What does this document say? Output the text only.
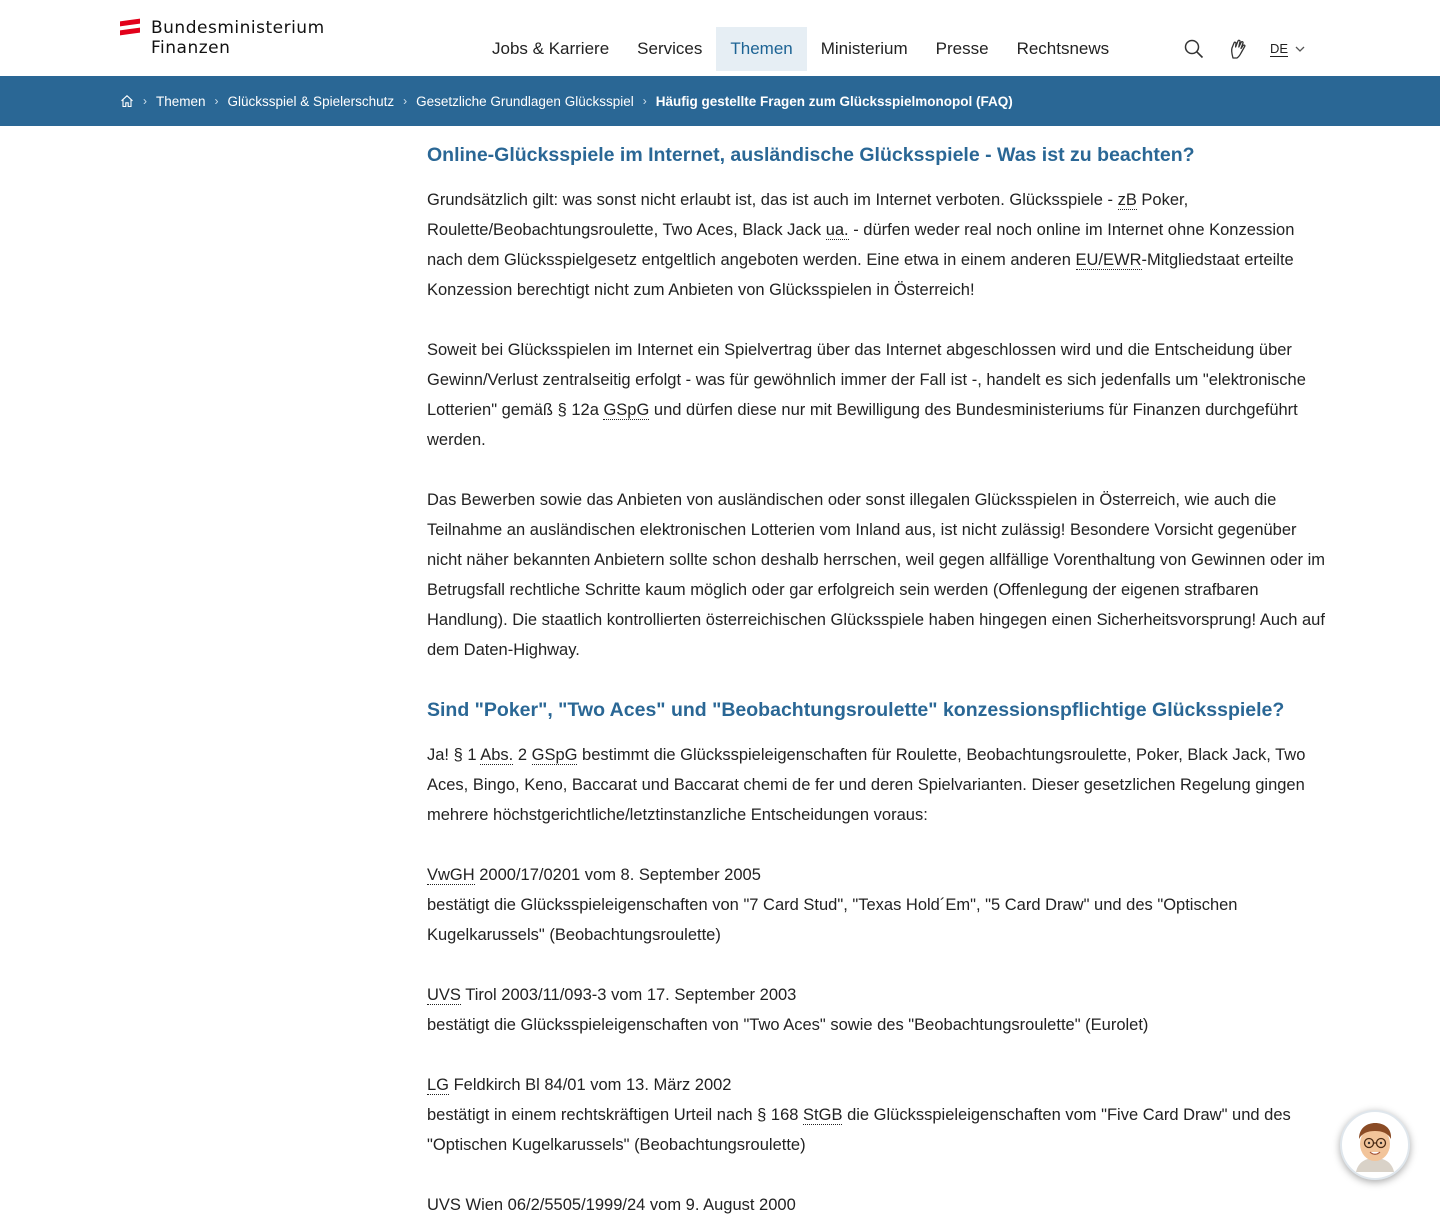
Bundesministerium
Finanzen	Jobs & Karriere	Services	Themen	Ministerium	Presse	Rechtsnews	DE
› Themen › Glücksspiel & Spielerschutz › Gesetzliche Grundlagen Glücksspiel › Häufig gestellte Fragen zum Glücksspielmonopol (FAQ)
Online-Glücksspiele im Internet, ausländische Glücksspiele - Was ist zu beachten?

Grundsätzlich gilt: was sonst nicht erlaubt ist, das ist auch im Internet verboten. Glücksspiele - zB Poker, Roulette/Beobachtungsroulette, Two Aces, Black Jack ua. - dürfen weder real noch online im Internet ohne Konzession nach dem Glücksspielgesetz entgeltlich angeboten werden. Eine etwa in einem anderen EU/EWR-Mitgliedstaat erteilte Konzession berechtigt nicht zum Anbieten von Glücksspielen in Österreich!

Soweit bei Glücksspielen im Internet ein Spielvertrag über das Internet abgeschlossen wird und die Entscheidung über Gewinn/Verlust zentralseitig erfolgt - was für gewöhnlich immer der Fall ist -, handelt es sich jedenfalls um "elektronische Lotterien" gemäß § 12a GSpG und dürfen diese nur mit Bewilligung des Bundesministeriums für Finanzen durchgeführt werden.

Das Bewerben sowie das Anbieten von ausländischen oder sonst illegalen Glücksspielen in Österreich, wie auch die Teilnahme an ausländischen elektronischen Lotterien vom Inland aus, ist nicht zulässig! Besondere Vorsicht gegenüber nicht näher bekannten Anbietern sollte schon deshalb herrschen, weil gegen allfällige Vorenthaltung von Gewinnen oder im Betrugsfall rechtliche Schritte kaum möglich oder gar erfolgreich sein werden (Offenlegung der eigenen strafbaren Handlung). Die staatlich kontrollierten österreichischen Glücksspiele haben hingegen einen Sicherheitsvorsprung! Auch auf dem Daten-Highway.

Sind "Poker", "Two Aces" und "Beobachtungsroulette" konzessionspflichtige Glücksspiele?

Ja! § 1 Abs. 2 GSpG bestimmt die Glücksspieleigenschaften für Roulette, Beobachtungsroulette, Poker, Black Jack, Two Aces, Bingo, Keno, Baccarat und Baccarat chemi de fer und deren Spielvarianten. Dieser gesetzlichen Regelung gingen mehrere höchstgerichtliche/letztinstanzliche Entscheidungen voraus:

VwGH 2000/17/0201 vom 8. September 2005

bestätigt die Glücksspieleigenschaften von "7 Card Stud", "Texas Hold´Em", "5 Card Draw" und des "Optischen Kugelkarussels" (Beobachtungsroulette)

UVS Tirol 2003/11/093-3 vom 17. September 2003

bestätigt die Glücksspieleigenschaften von "Two Aces" sowie des "Beobachtungsroulette" (Eurolet)

LG Feldkirch Bl 84/01 vom 13. März 2002

bestätigt in einem rechtskräftigen Urteil nach § 168 StGB die Glücksspieleigenschaften vom "Five Card Draw" und des "Optischen Kugelkarussels" (Beobachtungsroulette)

UVS Wien 06/2/5505/1999/24 vom 9. August 2000
